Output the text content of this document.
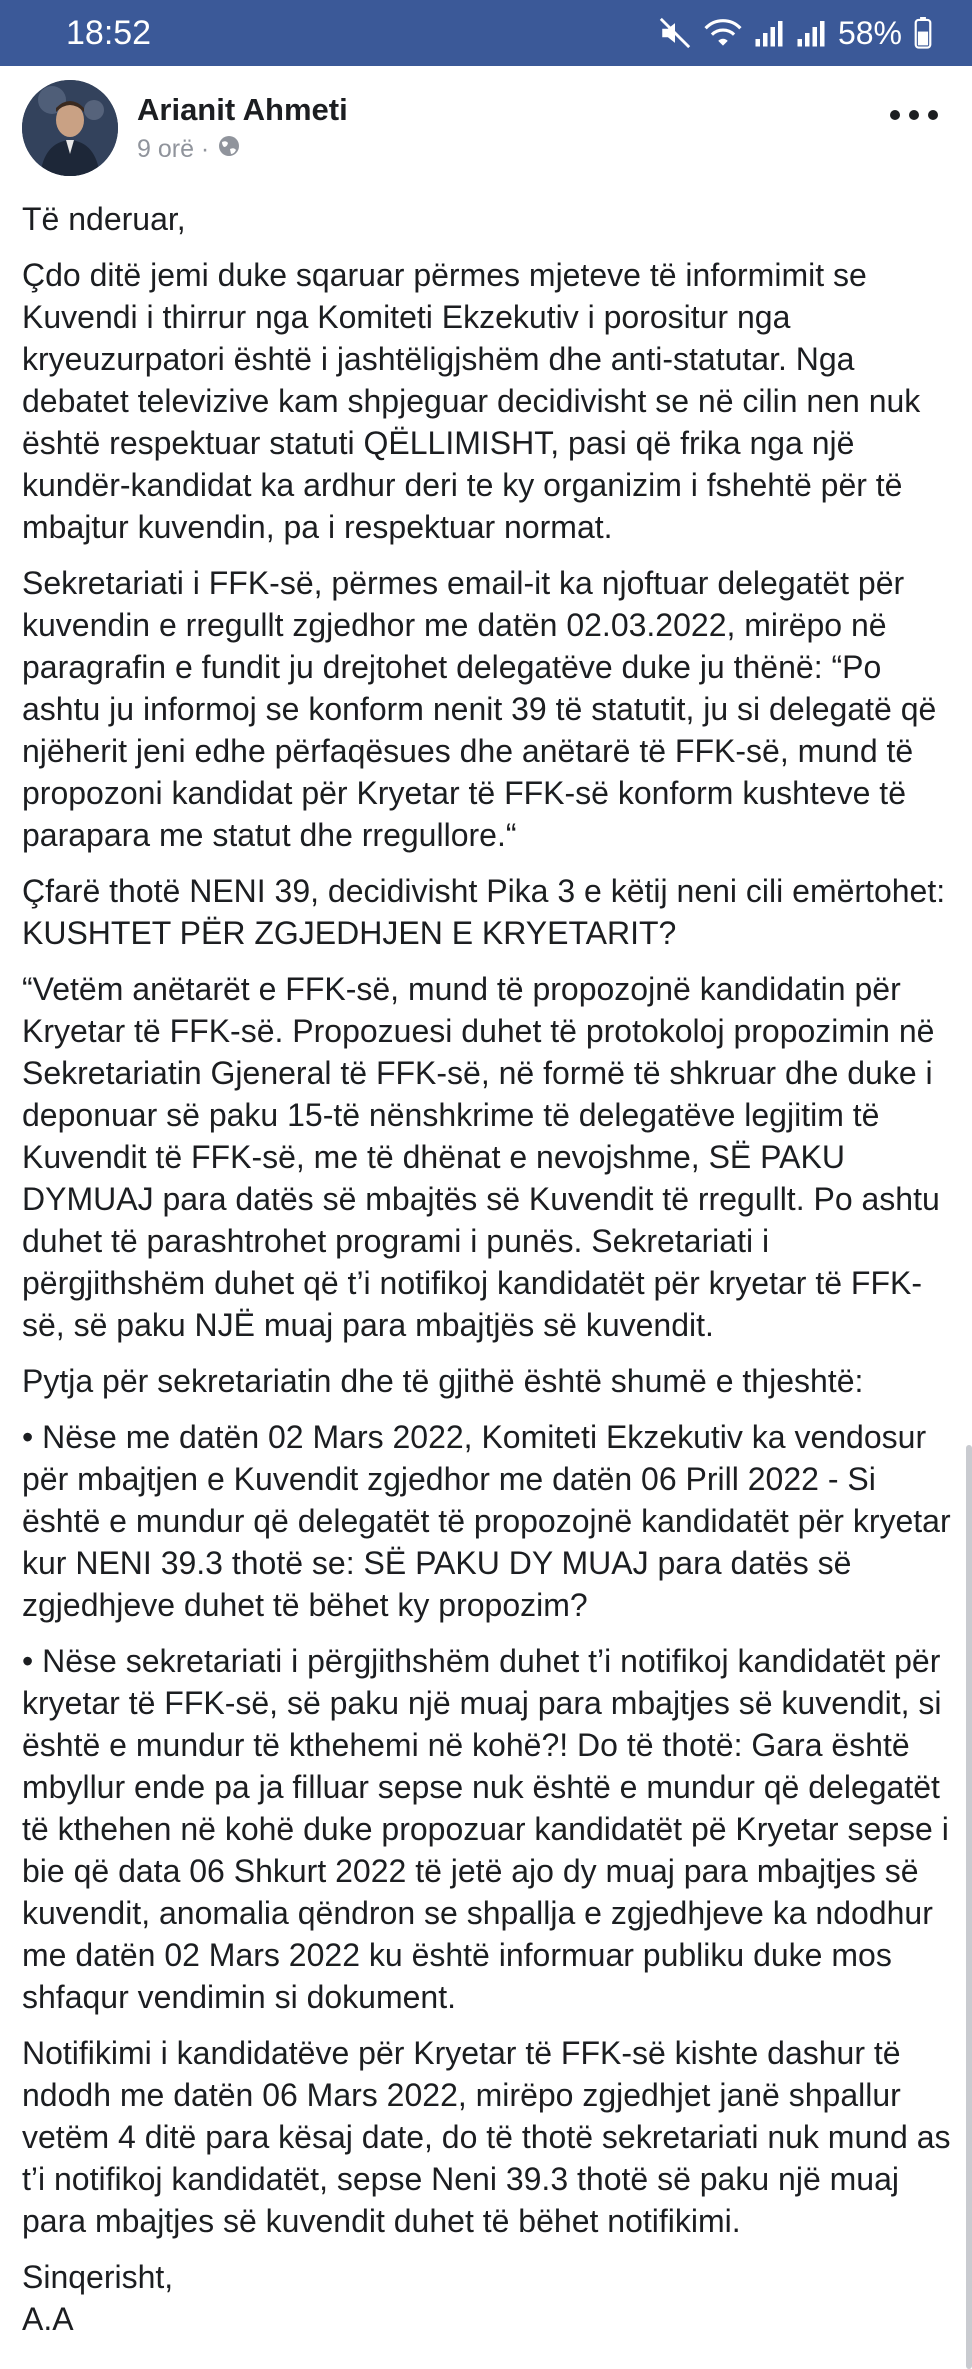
18:52	58%
Arianit Ahmeti
9 orë ·

Të nderuar,

Çdo ditë jemi duke sqaruar përmes mjeteve të informimit se Kuvendi i thirrur nga Komiteti Ekzekutiv i porositur nga kryeuzurpatori është i jashtëligjshëm dhe anti-statutar. Nga debatet televizive kam shpjeguar decidivisht se në cilin nen nuk është respektuar statuti QËLLIMISHT, pasi që frika nga një kundër-kandidat ka ardhur deri te ky organizim i fshehtë për të mbajtur kuvendin, pa i respektuar normat.

Sekretariati i FFK-së, përmes email-it ka njoftuar delegatët për kuvendin e rregullt zgjedhor me datën 02.03.2022, mirëpo në paragrafin e fundit ju drejtohet delegatëve duke ju thënë: “Po ashtu ju informoj se konform nenit 39 të statutit, ju si delegatë që njëherit jeni edhe përfaqësues dhe anëtarë të FFK-së, mund të propozoni kandidat për Kryetar të FFK-së konform kushteve të parapara me statut dhe rregullore.“

Çfarë thotë NENI 39, decidivisht Pika 3 e këtij neni cili emërtohet: KUSHTET PËR ZGJEDHJEN E KRYETARIT?

“Vetëm anëtarët e FFK-së, mund të propozojnë kandidatin për Kryetar të FFK-së. Propozuesi duhet të protokoloj propozimin në Sekretariatin Gjeneral të FFK-së, në formë të shkruar dhe duke i deponuar së paku 15-të nënshkrime të delegatëve legjitim të Kuvendit të FFK-së, me të dhënat e nevojshme, SË PAKU DYMUAJ para datës së mbajtës së Kuvendit të rregullt. Po ashtu duhet të parashtrohet programi i punës. Sekretariati i përgjithshëm duhet që t’i notifikoj kandidatët për kryetar të FFK-së, së paku NJË muaj para mbajtjës së kuvendit.

Pytja për sekretariatin dhe të gjithë është shumë e thjeshtë:

• Nëse me datën 02 Mars 2022, Komiteti Ekzekutiv ka vendosur për mbajtjen e Kuvendit zgjedhor me datën 06 Prill 2022 - Si është e mundur që delegatët të propozojnë kandidatët për kryetar kur NENI 39.3 thotë se: SË PAKU DY MUAJ para datës së zgjedhjeve duhet të bëhet ky propozim?

• Nëse sekretariati i përgjithshëm duhet t’i notifikoj kandidatët për kryetar të FFK-së, së paku një muaj para mbajtjes së kuvendit, si është e mundur të kthehemi në kohë?! Do të thotë: Gara është mbyllur ende pa ja filluar sepse nuk është e mundur që delegatët të kthehen në kohë duke propozuar kandidatët pë Kryetar sepse i bie që data 06 Shkurt 2022 të jetë ajo dy muaj para mbajtjes së kuvendit, anomalia qëndron se shpallja e zgjedhjeve ka ndodhur me datën 02 Mars 2022 ku është informuar publiku duke mos shfaqur vendimin si dokument.

Notifikimi i kandidatëve për Kryetar të FFK-së kishte dashur të ndodh me datën 06 Mars 2022, mirëpo zgjedhjet janë shpallur vetëm 4 ditë para kësaj date, do të thotë sekretariati nuk mund as t’i notifikoj kandidatët, sepse Neni 39.3 thotë së paku një muaj para mbajtjes së kuvendit duhet të bëhet notifikimi.

Sinqerisht,

A.A
